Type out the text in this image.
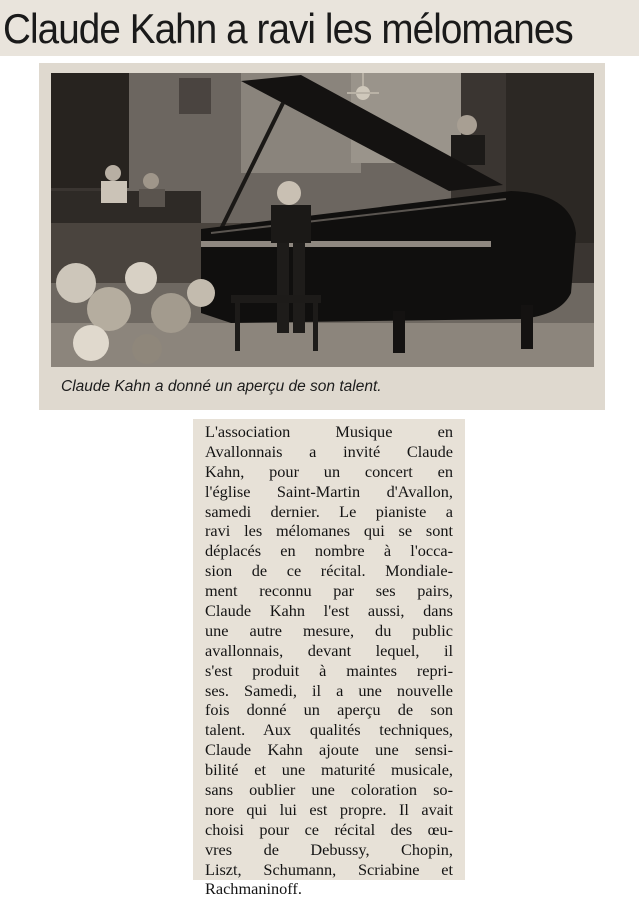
Claude Kahn a ravi les mélomanes

Claude Kahn a donné un aperçu de son talent.

L'association Musique en
Avallonnais a invité Claude
Kahn, pour un concert en
l'église Saint-Martin d'Avallon,
samedi dernier. Le pianiste a
ravi les mélomanes qui se sont
déplacés en nombre à l'occa-
sion de ce récital. Mondiale-
ment reconnu par ses pairs,
Claude Kahn l'est aussi, dans
une autre mesure, du public
avallonnais, devant lequel, il
s'est produit à maintes repri-
ses. Samedi, il a une nouvelle
fois donné un aperçu de son
talent. Aux qualités techniques,
Claude Kahn ajoute une sensi-
bilité et une maturité musicale,
sans oublier une coloration so-
nore qui lui est propre. Il avait
choisi pour ce récital des œu-
vres de Debussy, Chopin,
Liszt, Schumann, Scriabine et
Rachmaninoff.
